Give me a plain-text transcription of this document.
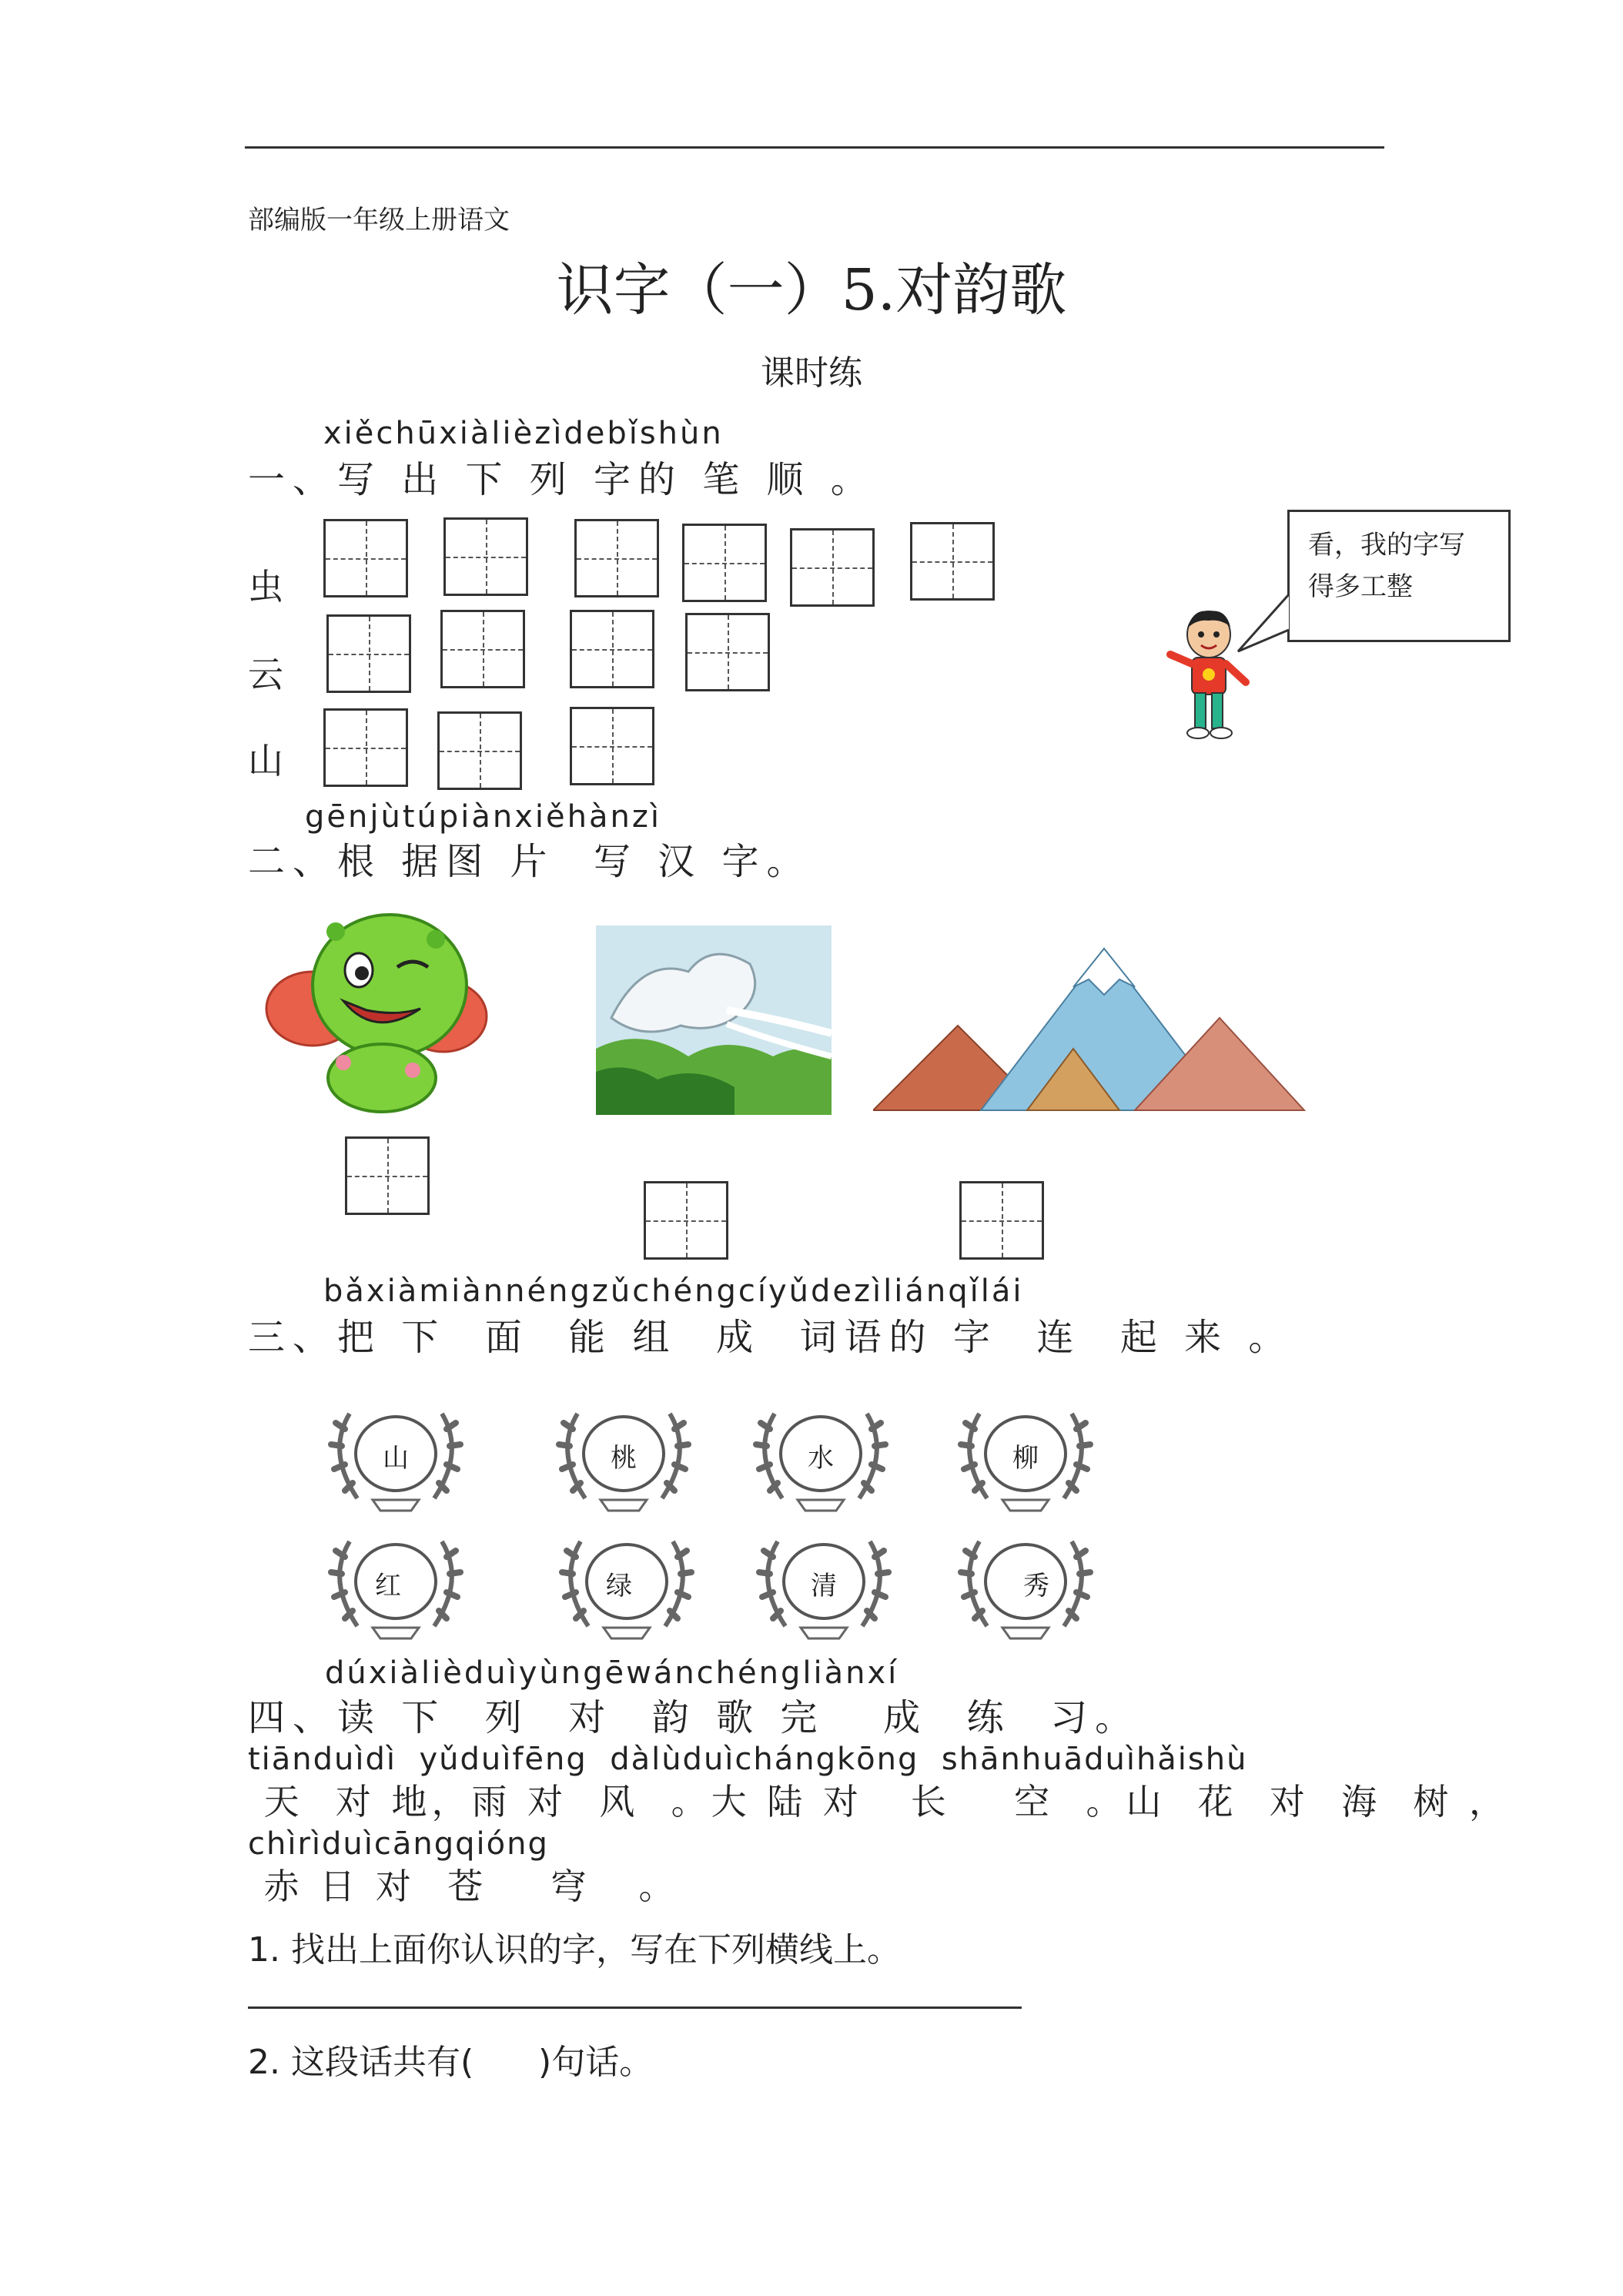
部编版一年级上册语文
识字（一）5.对韵歌
课时练
xiěchūxiàlièzìdebǐshùn
一、写 出 下 列 字的 笔 顺 。
虫
云
山
看，我的字写
得多工整
gēnjùtúpiànxiěhànzì
二、根 据图 片  写 汉 字。
bǎxiàmiànnéngzǔchéngcíyǔdezìliánqǐlái
三、把 下  面  能 组  成  词语的 字  连  起 来 。
山	桃	水	柳
红	绿	清	秀
dúxiàlièduìyùngēwánchéngliànxí
四、读 下  列  对  韵 歌 完   成  练  习。
tiānduìdì  yǔduìfēng  dàlùduìchángkōng  shānhuāduìhǎishù
天  对 地，雨 对  风  。大 陆 对   长    空  。山  花  对  海  树 ，
chìrìduìcāngqióng
赤 日 对  苍    穹   。
1. 找出上面你认识的字，写在下列横线上。
2. 这段话共有(      )句话。
